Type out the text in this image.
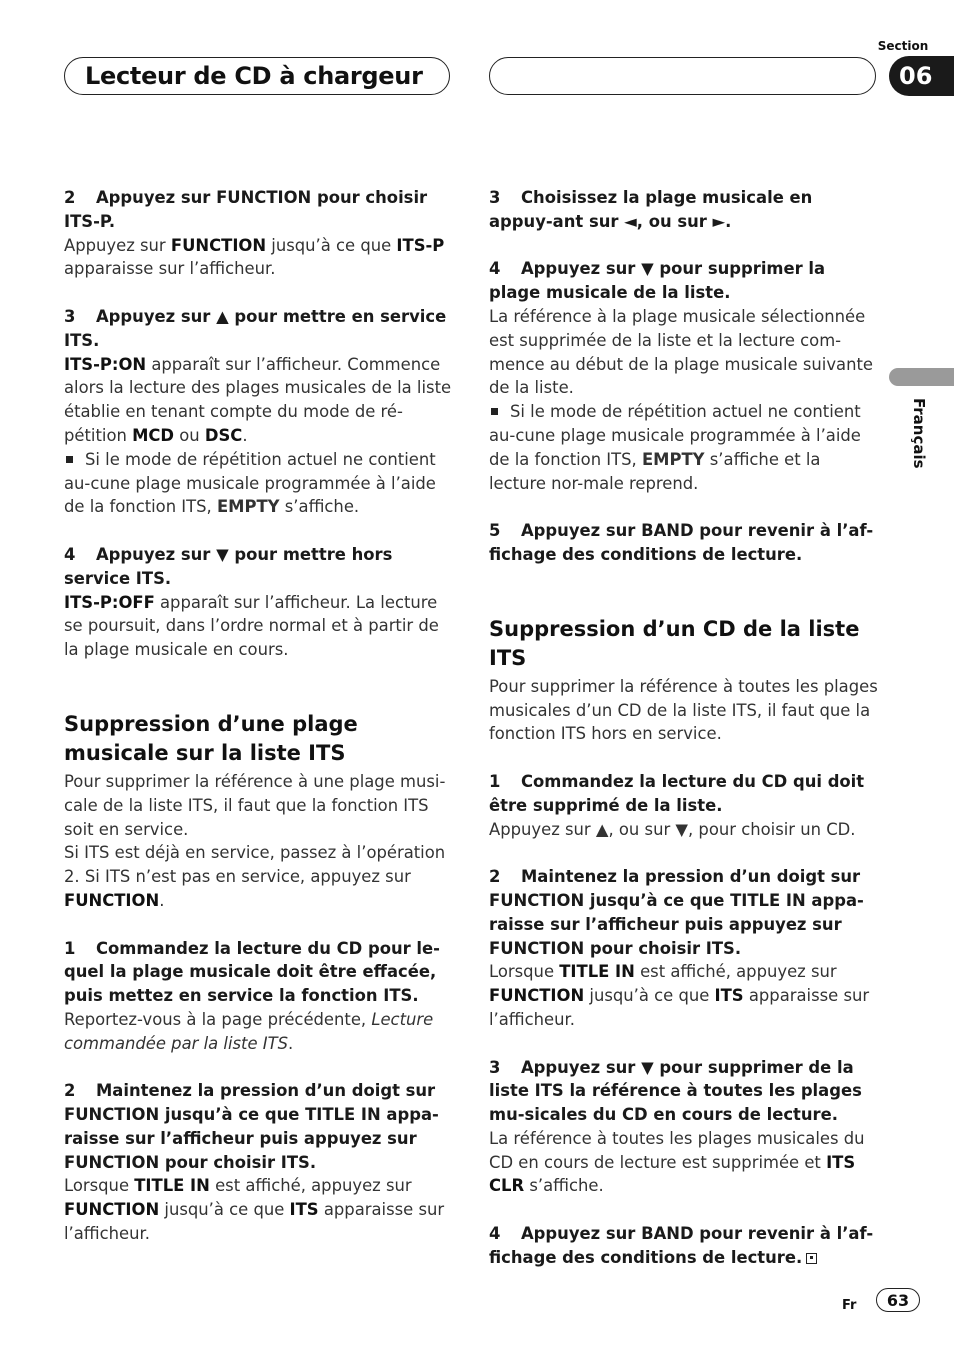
Lecteur de CD à chargeur
Section
06
Français

2 Appuyez sur FUNCTION pour choisir ITS-P.

Appuyez sur FUNCTION jusqu’à ce que ITS-P apparaisse sur l’afficheur.

3 Appuyez sur ▲ pour mettre en service ITS.

ITS-P:ON apparaît sur l’afficheur. Commence alors la lecture des plages musicales de la liste établie en tenant compte du mode de ré-pétition MCD ou DSC.

Si le mode de répétition actuel ne contient au-cune plage musicale programmée à l’aide de la fonction ITS, EMPTY s’affiche.

4 Appuyez sur ▼ pour mettre hors service ITS.

ITS-P:OFF apparaît sur l’afficheur. La lecture se poursuit, dans l’ordre normal et à partir de la plage musicale en cours.

Suppression d’une plage musicale sur la liste ITS

Pour supprimer la référence à une plage musi-cale de la liste ITS, il faut que la fonction ITS soit en service.

Si ITS est déjà en service, passez à l’opération 2. Si ITS n’est pas en service, appuyez sur FUNCTION.

1 Commandez la lecture du CD pour le-quel la plage musicale doit être effacée, puis mettez en service la fonction ITS.

Reportez-vous à la page précédente, Lecture commandée par la liste ITS.

2 Maintenez la pression d’un doigt sur FUNCTION jusqu’à ce que TITLE IN appa-raisse sur l’afficheur puis appuyez sur FUNCTION pour choisir ITS.

Lorsque TITLE IN est affiché, appuyez sur FUNCTION jusqu’à ce que ITS apparaisse sur l’afficheur.

3 Choisissez la plage musicale en appuy-ant sur ◄, ou sur ►.

4 Appuyez sur ▼ pour supprimer la plage musicale de la liste.

La référence à la plage musicale sélectionnée est supprimée de la liste et la lecture com-mence au début de la plage musicale suivante de la liste.

Si le mode de répétition actuel ne contient au-cune plage musicale programmée à l’aide de la fonction ITS, EMPTY s’affiche et la lecture nor-male reprend.

5 Appuyez sur BAND pour revenir à l’af-fichage des conditions de lecture.

Suppression d’un CD de la liste ITS

Pour supprimer la référence à toutes les plages musicales d’un CD de la liste ITS, il faut que la fonction ITS hors en service.

1 Commandez la lecture du CD qui doit être supprimé de la liste.

Appuyez sur ▲, ou sur ▼, pour choisir un CD.

2 Maintenez la pression d’un doigt sur FUNCTION jusqu’à ce que TITLE IN appa-raisse sur l’afficheur puis appuyez sur FUNCTION pour choisir ITS.

Lorsque TITLE IN est affiché, appuyez sur FUNCTION jusqu’à ce que ITS apparaisse sur l’afficheur.

3 Appuyez sur ▼ pour supprimer de la liste ITS la référence à toutes les plages mu-sicales du CD en cours de lecture.

La référence à toutes les plages musicales du CD en cours de lecture est supprimée et ITS CLR s’affiche.

4 Appuyez sur BAND pour revenir à l’af-fichage des conditions de lecture.

Fr	63
